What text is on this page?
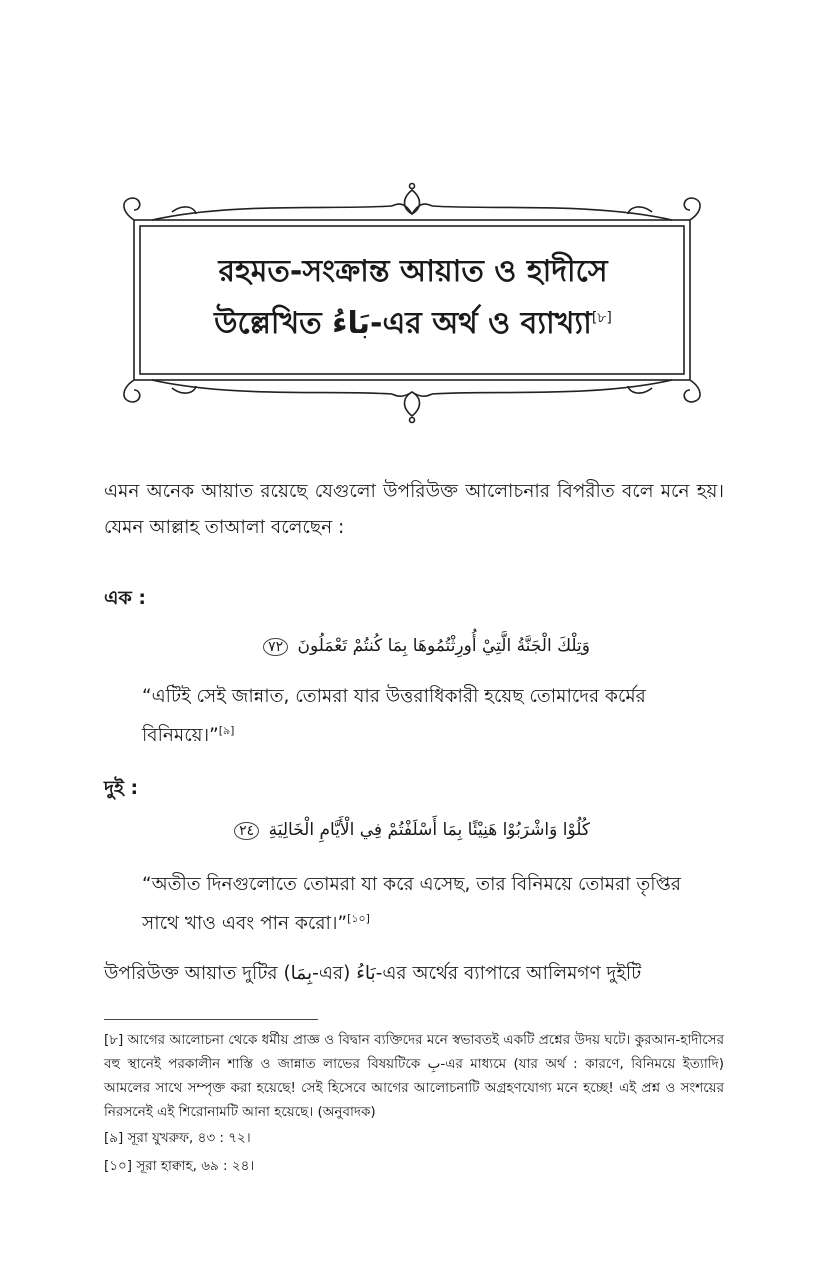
রহমত-সংক্রান্ত আয়াত ও হাদীসে
উল্লেখিত بَاءُ-এর অর্থ ও ব্যাখ্যা[৮]

এমন অনেক আয়াত রয়েছে যেগুলো উপরিউক্ত আলোচনার বিপরীত বলে মনে হয়। যেমন আল্লাহ তাআলা বলেছেন :

এক :
وَتِلْكَ الْجَنَّةُ الَّتِيْ أُورِثْتُمُوهَا بِمَا كُنتُمْ تَعْمَلُونَ ٧٢

“এটিই সেই জান্নাত, তোমরা যার উত্তরাধিকারী হয়েছ তোমাদের কর্মের বিনিময়ে।”[৯]

দুই :
كُلُوْا وَاشْرَبُوْا هَنِيْئًا بِمَا أَسْلَفْتُمْ فِي الْأَيَّامِ الْخَالِيَةِ ٢٤

“অতীত দিনগুলোতে তোমরা যা করে এসেছ, তার বিনিময়ে তোমরা তৃপ্তির সাথে খাও এবং পান করো।”[১০]

উপরিউক্ত আয়াত দুটির (بِمَا-এর) بَاءُ-এর অর্থের ব্যাপারে আলিমগণ দুইটি

[৮] আগের আলোচনা থেকে ধর্মীয় প্রাজ্ঞ ও বিদ্বান ব্যক্তিদের মনে স্বভাবতই একটি প্রশ্নের উদয় ঘটে। কুরআন-হাদীসের বহু স্থানেই পরকালীন শাস্তি ও জান্নাত লাভের বিষয়টিকে بِ-এর মাধ্যমে (যার অর্থ : কারণে, বিনিময়ে ইত্যাদি) আমলের সাথে সম্পৃক্ত করা হয়েছে! সেই হিসেবে আগের আলোচনাটি অগ্রহণযোগ্য মনে হচ্ছে! এই প্রশ্ন ও সংশয়ের নিরসনেই এই শিরোনামটি আনা হয়েছে। (অনুবাদক)

[৯] সূরা যুখরুফ, ৪৩ : ৭২।

[১০] সূরা হাক্বাহ, ৬৯ : ২৪।
